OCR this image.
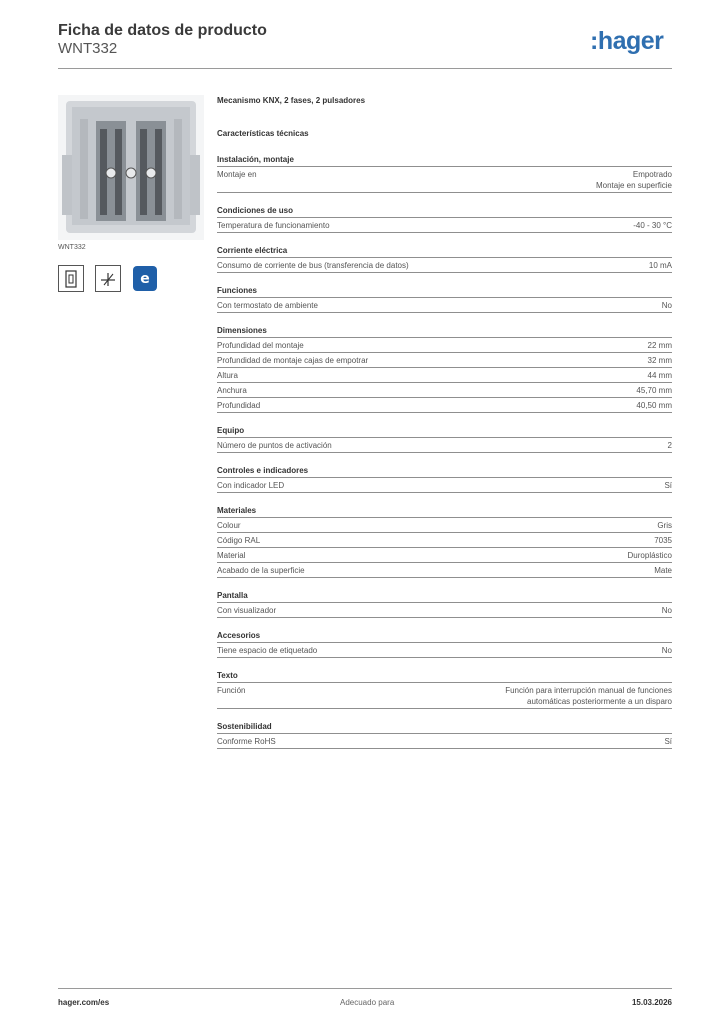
Ficha de datos de producto
WNT332	:hager
WNT332
e
Mecanismo KNX, 2 fases, 2 pulsadores
Características técnicas
Instalación, montaje
Montaje en	Empotrado
Montaje en superficie
Condiciones de uso
Temperatura de funcionamiento	-40 - 30 °C
Corriente eléctrica
Consumo de corriente de bus (transferencia de datos)	10 mA
Funciones
Con termostato de ambiente	No
Dimensiones
Profundidad del montaje	22 mm
Profundidad de montaje cajas de empotrar	32 mm
Altura	44 mm
Anchura	45,70 mm
Profundidad	40,50 mm
Equipo
Número de puntos de activación	2
Controles e indicadores
Con indicador LED	Sí
Materiales
Colour	Gris
Código RAL	7035
Material	Duroplástico
Acabado de la superficie	Mate
Pantalla
Con visualizador	No
Accesorios
Tiene espacio de etiquetado	No
Texto
Función	Función para interrupción manual de funciones
automáticas posteriormente a un disparo
Sostenibilidad
Conforme RoHS	Sí
hager.com/es	Adecuado para	15.03.2026
